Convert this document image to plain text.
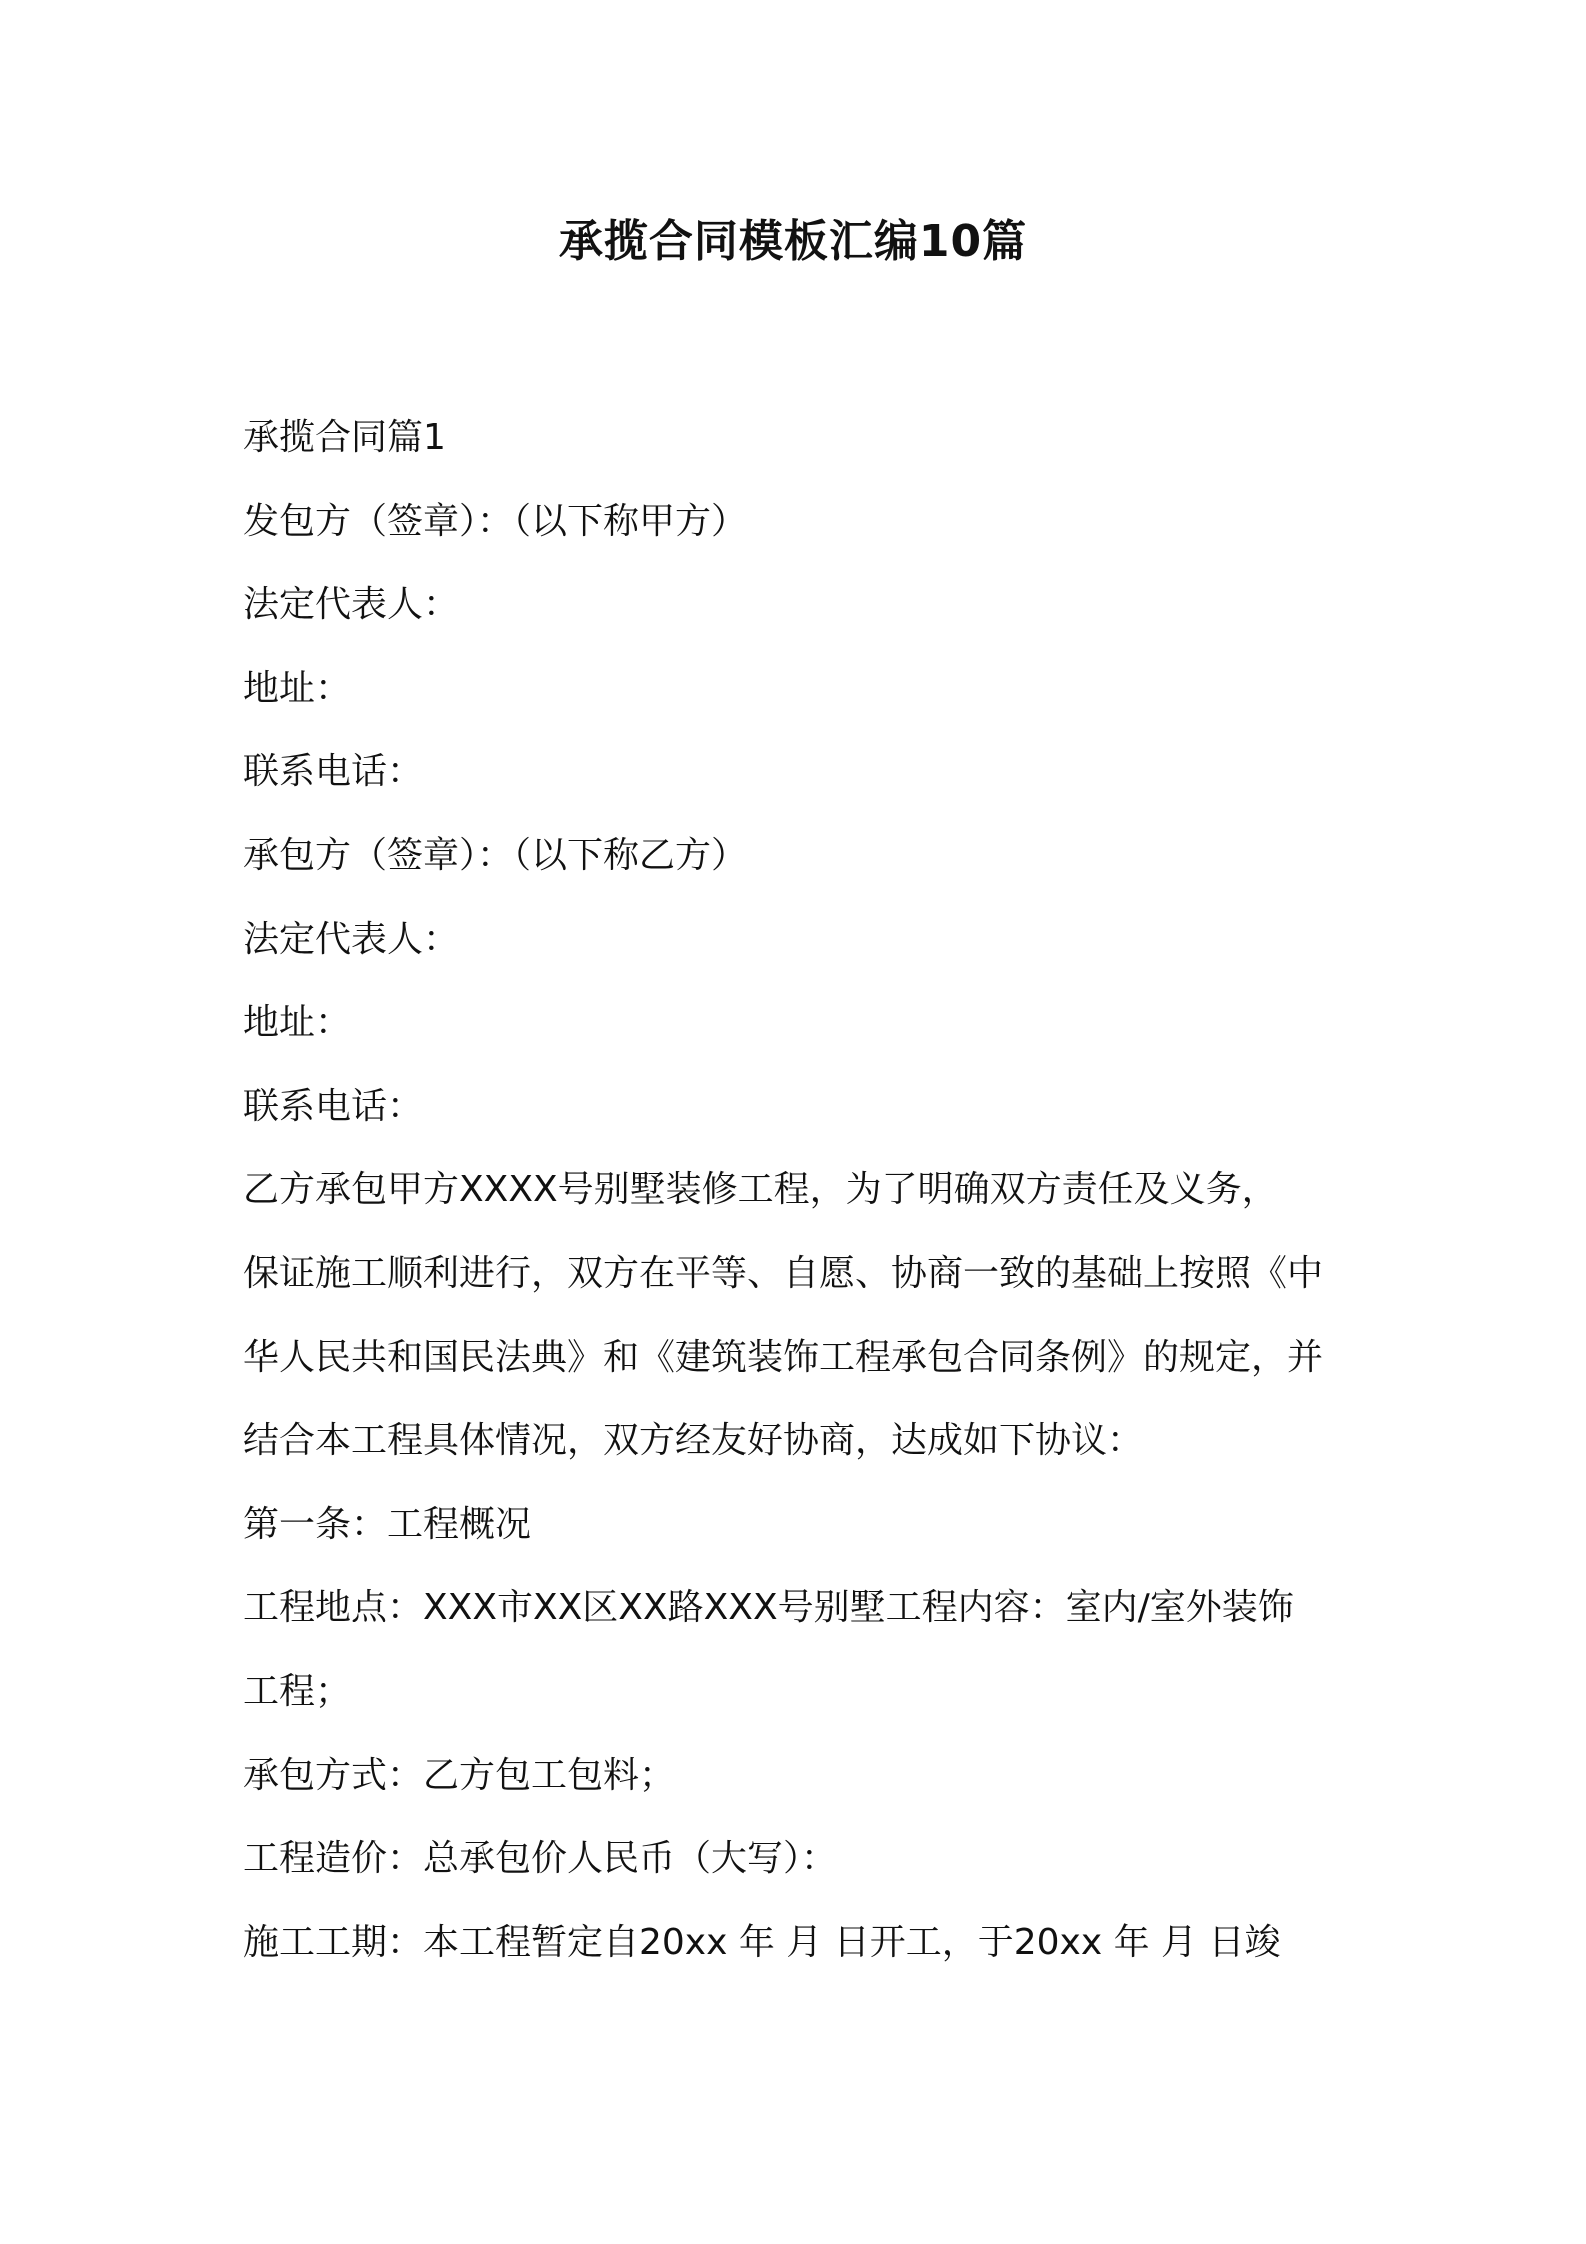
承揽合同模板汇编10篇
承揽合同篇1
发包方（签章）：（以下称甲方）
法定代表人：
地址：
联系电话：
承包方（签章）：（以下称乙方）
法定代表人：
地址：
联系电话：
乙方承包甲方XXXX号别墅装修工程，为了明确双方责任及义务，
保证施工顺利进行，双方在平等、自愿、协商一致的基础上按照《中
华人民共和国民法典》和《建筑装饰工程承包合同条例》的规定，并
结合本工程具体情况，双方经友好协商，达成如下协议：
第一条：工程概况
工程地点：XXX市XX区XX路XXX号别墅工程内容：室内/室外装饰
工程；
承包方式：乙方包工包料；
工程造价：总承包价人民币（大写）：
施工工期：本工程暂定自20xx 年 月 日开工，于20xx 年 月 日竣
